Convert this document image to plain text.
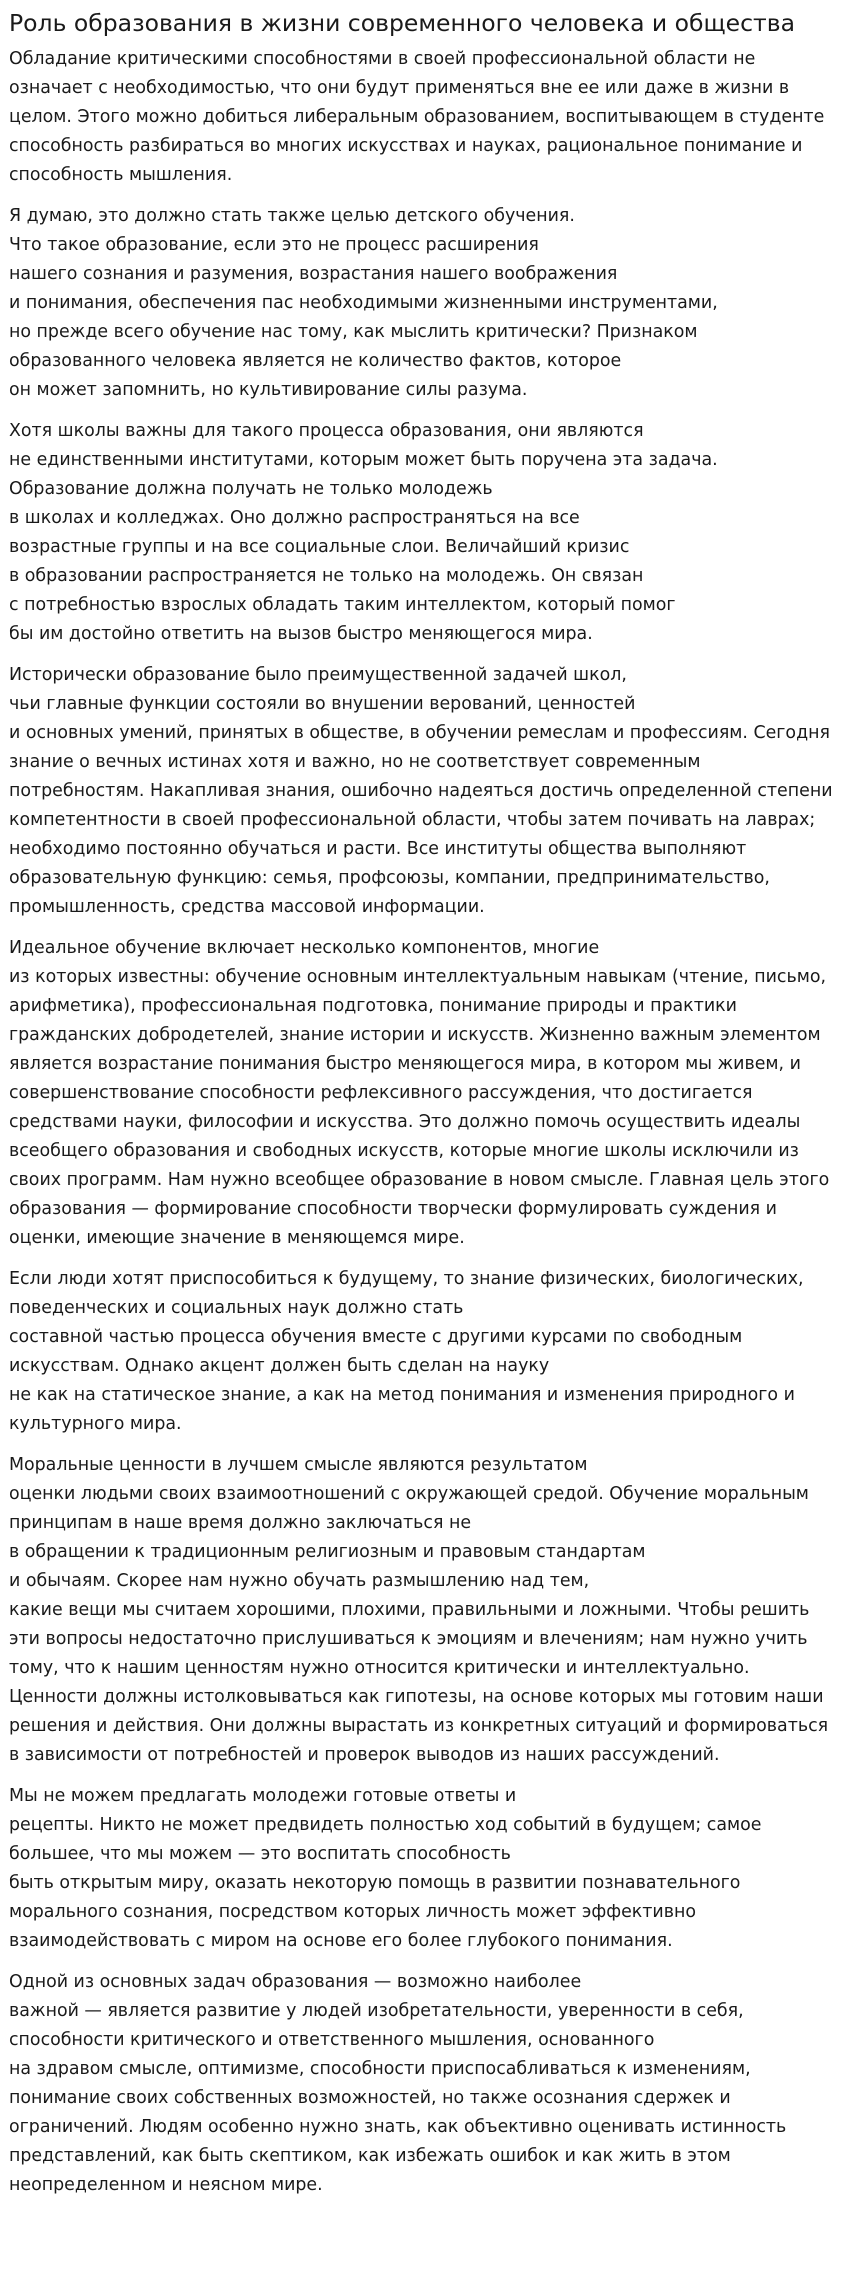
Роль образования в жизни современного человека и общества

Обладание критическими способностями в своей профессиональной области не означает с необходимостью, что они будут применяться вне ее или даже в жизни в целом. Этого можно добиться либеральным образованием, воспитывающем в студенте способность разбираться во многих искусствах и науках, рациональное понимание и способность мышления.

Я думаю, это должно стать также целью детского обучения.
Что такое образование, если это не процесс расширения
нашего сознания и разумения, возрастания нашего воображения
и понимания, обеспечения пас необходимыми жизненными инструментами,
но прежде всего обучение нас тому, как мыслить критически? Признаком образованного человека является не количество фактов, которое
он может запомнить, но культивирование силы разума.

Хотя школы важны для такого процесса образования, они являются
не единственными институтами, которым может быть поручена эта задача. Образование должна получать не только молодежь
в школах и колледжах. Оно должно распространяться на все
возрастные группы и на все социальные слои. Величайший кризис
в образовании распространяется не только на молодежь. Он связан
с потребностью взрослых обладать таким интеллектом, который помог
бы им достойно ответить на вызов быстро меняющегося мира.

Исторически образование было преимущественной задачей школ,
чьи главные функции состояли во внушении верований, ценностей
и основных умений, принятых в обществе, в обучении ремеслам и профессиям. Сегодня знание о вечных истинах хотя и важно, но не соответствует современным потребностям. Накапливая знания, ошибочно надеяться достичь определенной степени компетентности в своей профессиональной области, чтобы затем почивать на лаврах; необходимо постоянно обучаться и расти. Все институты общества выполняют образовательную функцию: семья, профсоюзы, компании, предпринимательство, промышленность, средства массовой информации.

Идеальное обучение включает несколько компонентов, многие
из которых известны: обучение основным интеллектуальным навыкам (чтение, письмо, арифметика), профессиональная подготовка, понимание природы и практики гражданских добродетелей, знание истории и искусств. Жизненно важным элементом является возрастание понимания быстро меняющегося мира, в котором мы живем, и совершенствование способности рефлексивного рассуждения, что достигается средствами науки, философии и искусства. Это должно помочь осуществить идеалы всеобщего образования и свободных искусств, которые многие школы исключили из своих программ. Нам нужно всеобщее образование в новом смысле. Главная цель этого образования — формирование способности творчески формулировать суждения и оценки, имеющие значение в меняющемся мире.

Если люди хотят приспособиться к будущему, то знание физических, биологических, поведенческих и социальных наук должно стать
составной частью процесса обучения вместе с другими курсами по свободным искусствам. Однако акцент должен быть сделан на науку
не как на статическое знание, а как на метод понимания и изменения природного и культурного мира.

Моральные ценности в лучшем смысле являются результатом
оценки людьми своих взаимоотношений с окружающей средой. Обучение моральным принципам в наше время должно заключаться не
в обращении к традиционным религиозным и правовым стандартам
и обычаям. Скорее нам нужно обучать размышлению над тем,
какие вещи мы считаем хорошими, плохими, правильными и ложными. Чтобы решить эти вопросы недостаточно прислушиваться к эмоциям и влечениям; нам нужно учить тому, что к нашим ценностям нужно относится критически и интеллектуально. Ценности должны истолковываться как гипотезы, на основе которых мы готовим наши решения и действия. Они должны вырастать из конкретных ситуаций и формироваться в зависимости от потребностей и проверок выводов из наших рассуждений.

Мы не можем предлагать молодежи готовые ответы и
рецепты. Никто не может предвидеть полностью ход событий в будущем; самое большее, что мы можем — это воспитать способность
быть открытым миру, оказать некоторую помощь в развитии познавательного морального сознания, посредством которых личность может эффективно взаимодействовать с миром на основе его более глубокого понимания.

Одной из основных задач образования — возможно наиболее
важной — является развитие у людей изобретательности, уверенности в себя, способности критического и ответственного мышления, основанного
на здравом смысле, оптимизме, способности приспосабливаться к изменениям, понимание своих собственных возможностей, но также осознания сдержек и ограничений. Людям особенно нужно знать, как объективно оценивать истинность представлений, как быть скептиком, как избежать ошибок и как жить в этом неопределенном и неясном мире.
